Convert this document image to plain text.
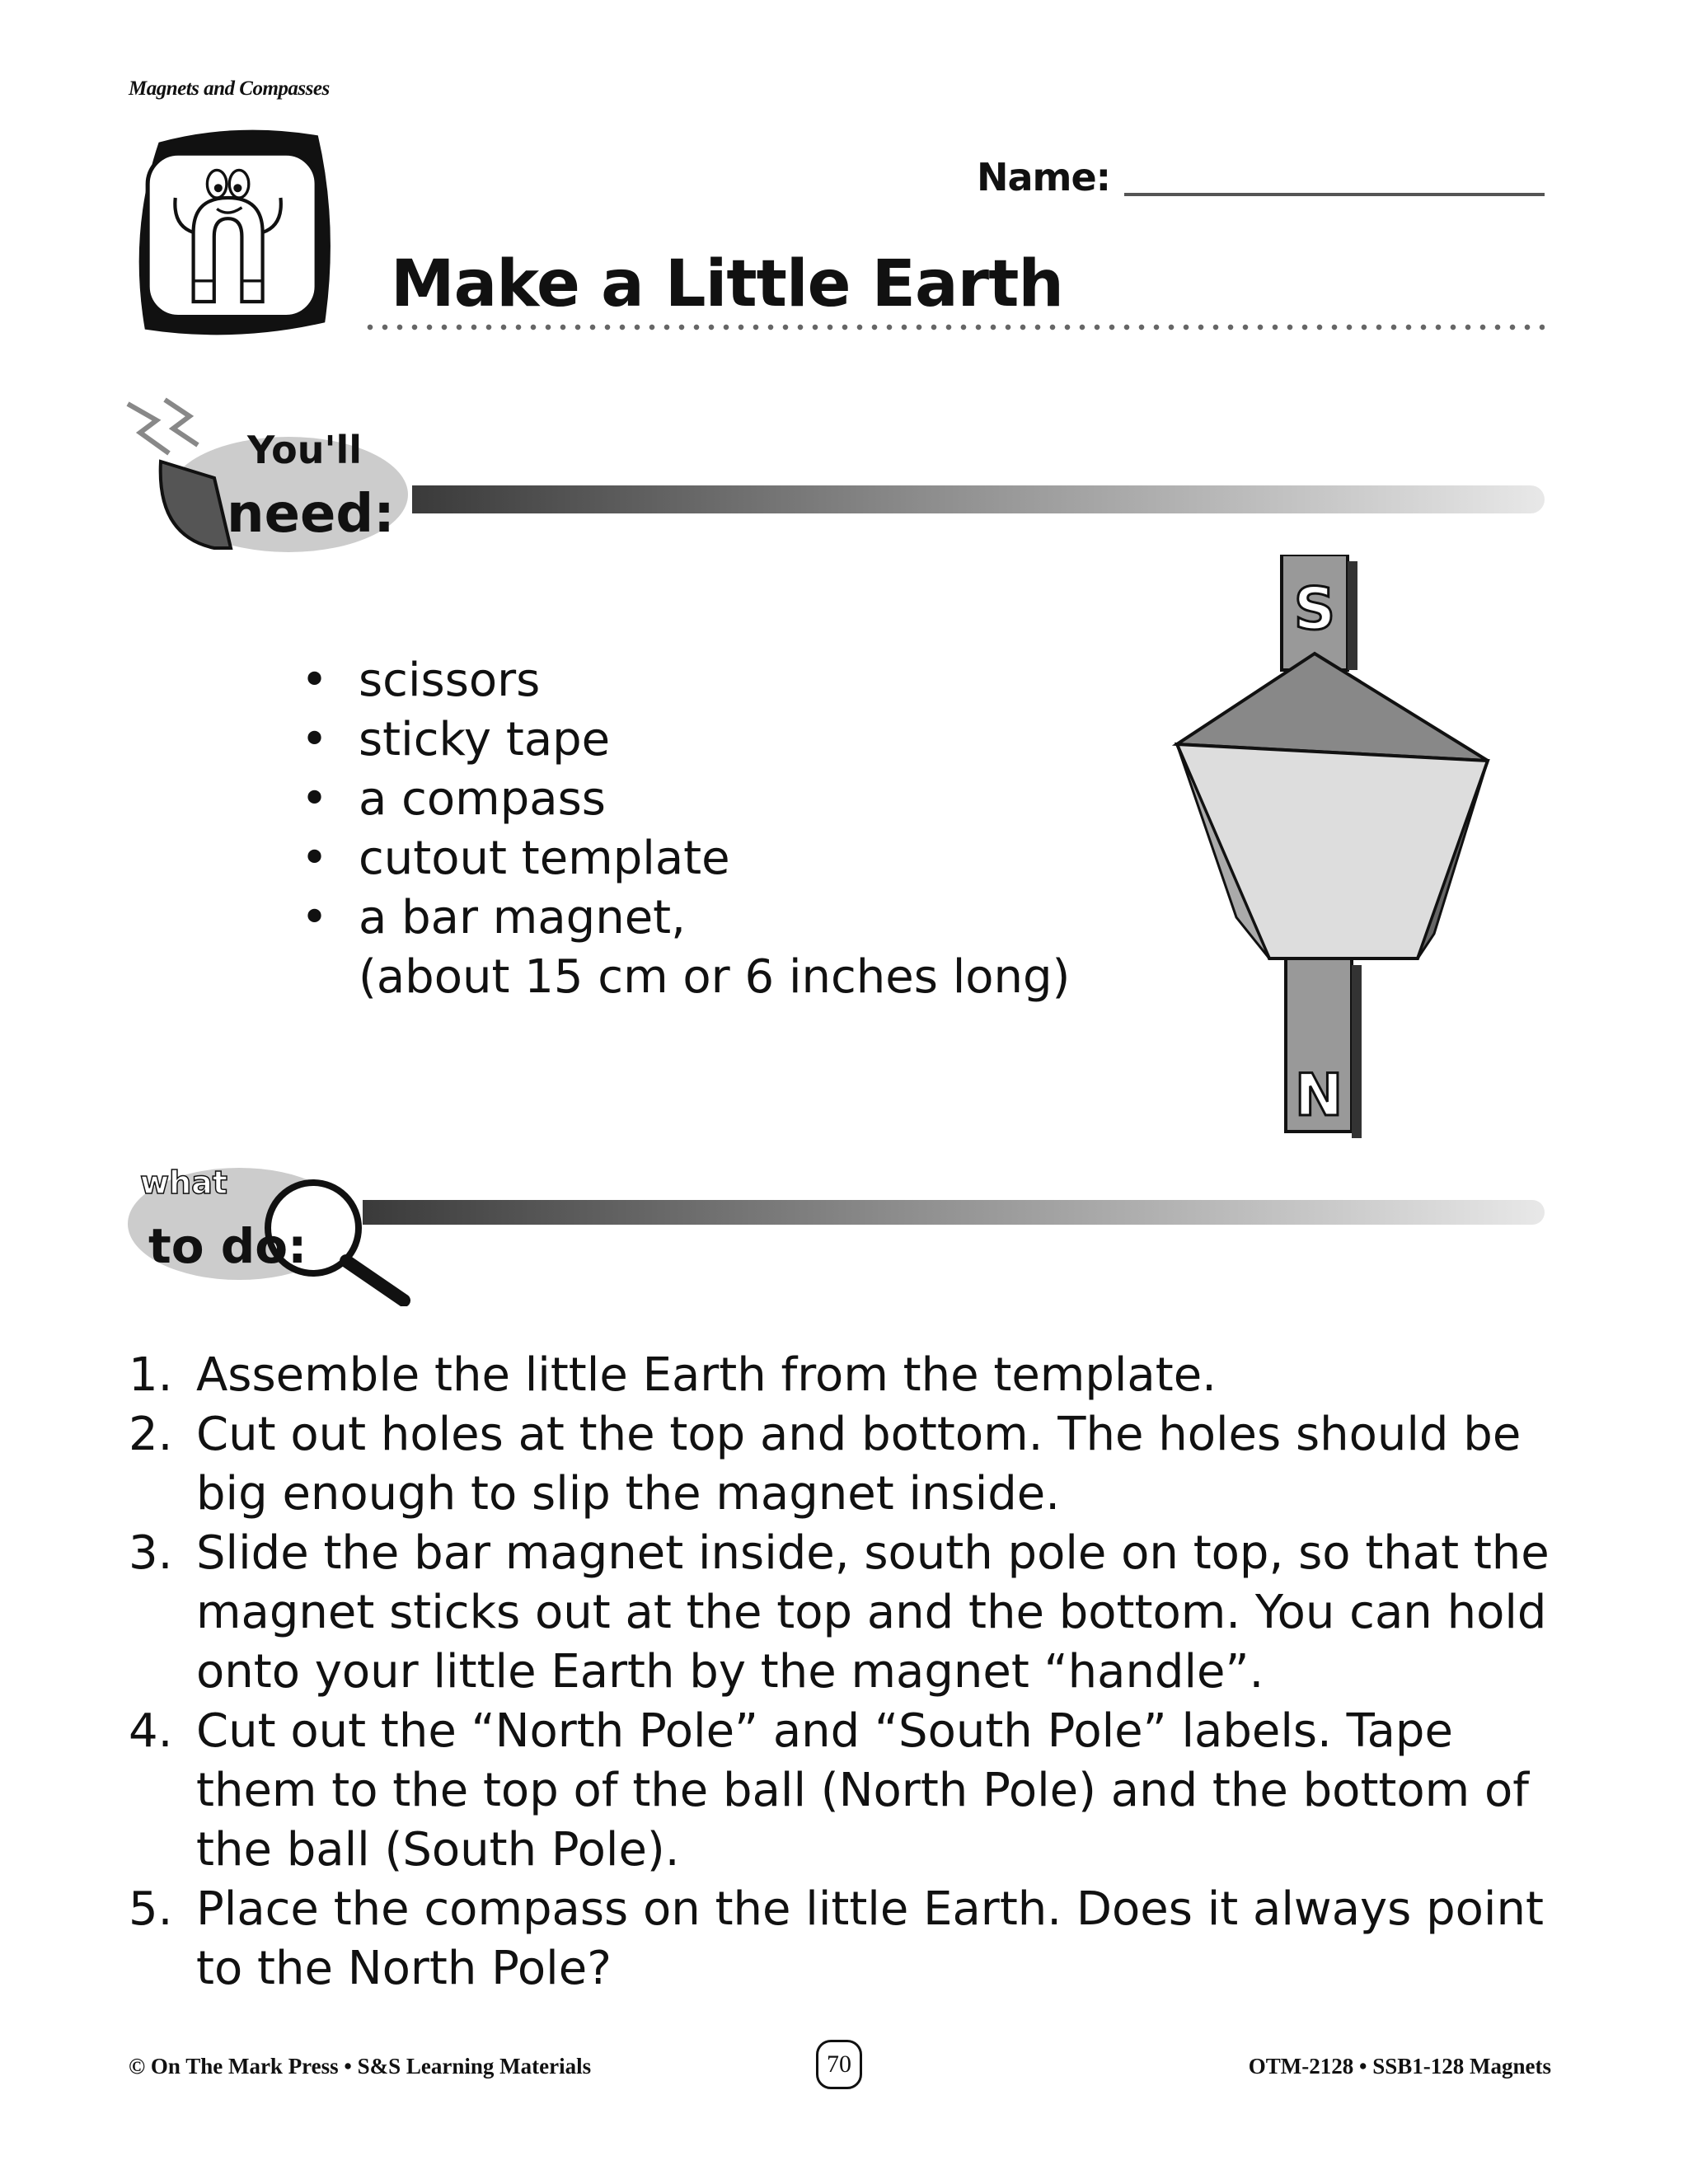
Magnets and Compasses
Name:
Make a Little Earth
You'll
need:
• scissors
• sticky tape
• a compass
• cutout template
• a bar magnet,
(about 15 cm or 6 inches long)
S
N
what
to do:
1. Assemble the little Earth from the template.
2. Cut out holes at the top and bottom. The holes should be big enough to slip the magnet inside.
3. Slide the bar magnet inside, south pole on top, so that the magnet sticks out at the top and the bottom. You can hold onto your little Earth by the magnet “handle”.
4. Cut out the “North Pole” and “South Pole” labels. Tape them to the top of the ball (North Pole) and the bottom of the ball (South Pole).
5. Place the compass on the little Earth. Does it always point to the North Pole?
© On The Mark Press • S&S Learning Materials	70	OTM-2128 • SSB1-128 Magnets
